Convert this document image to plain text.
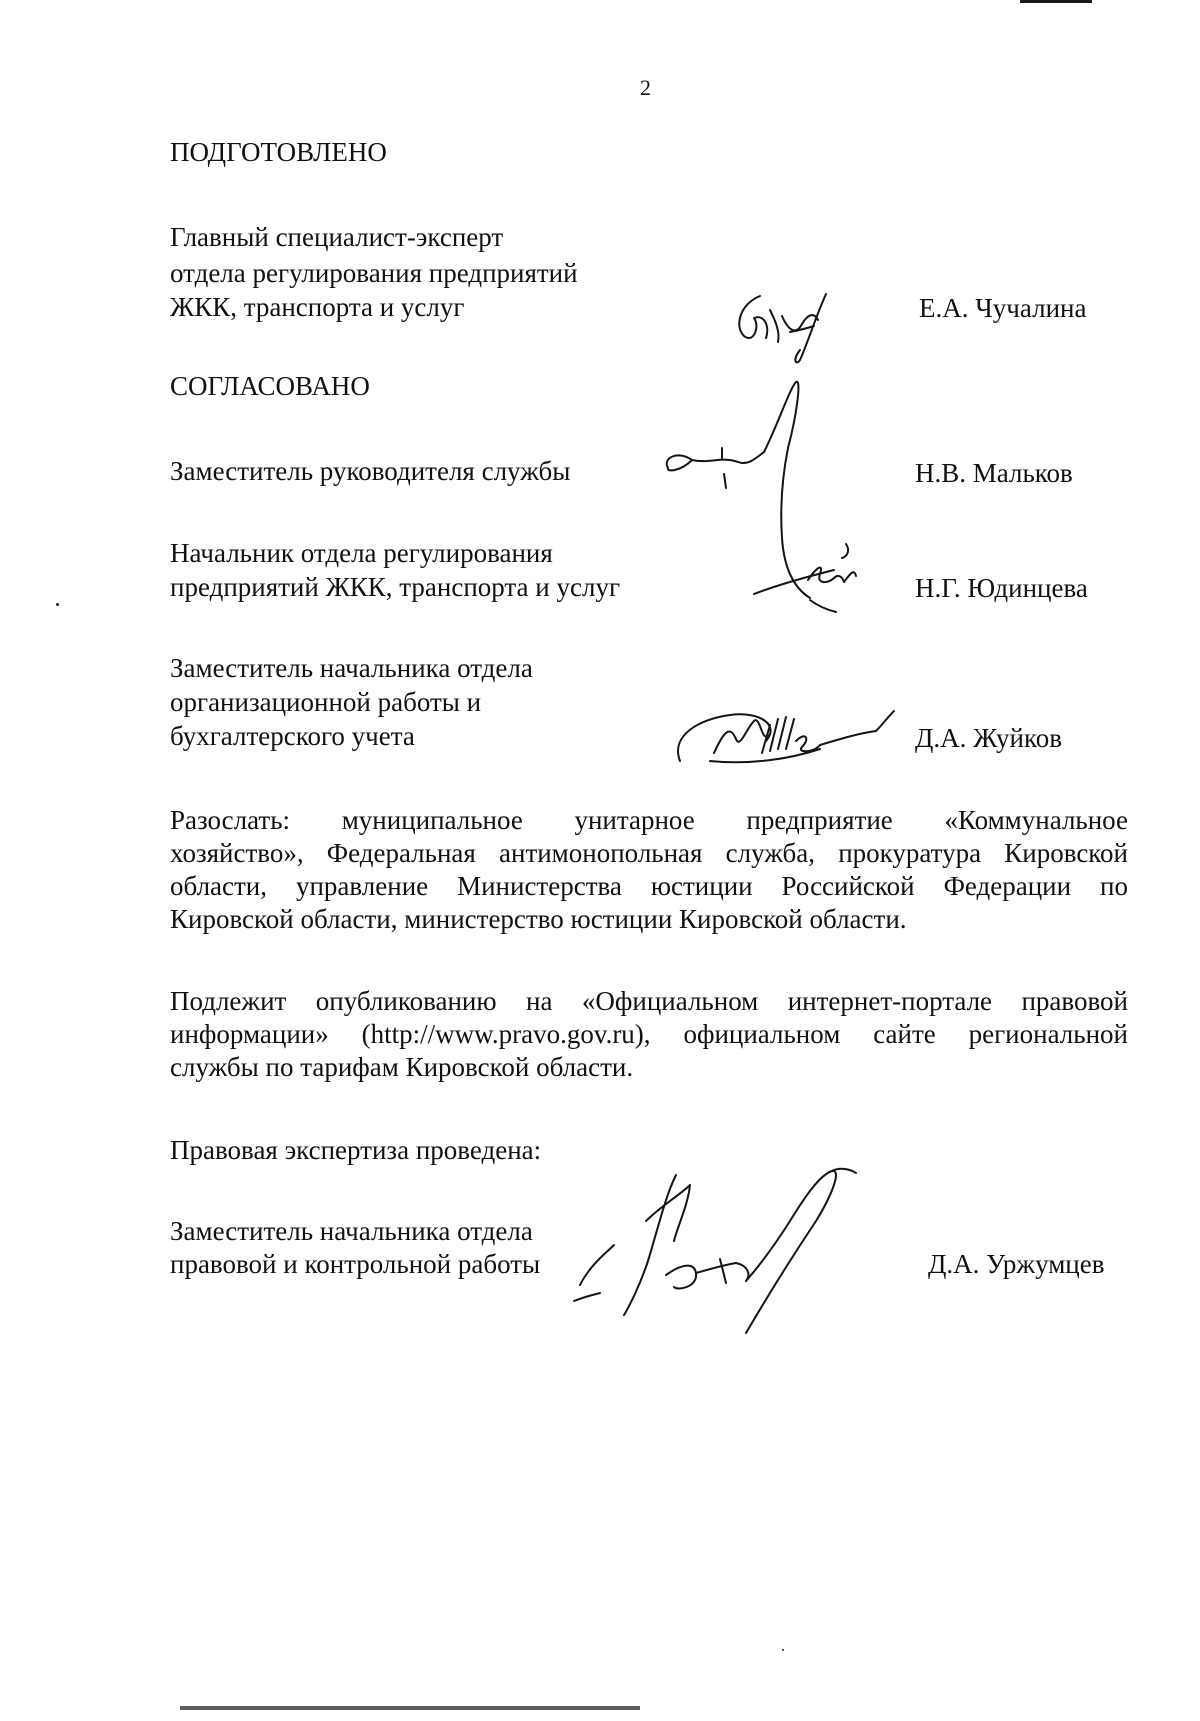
2
ПОДГОТОВЛЕНО
Главный специалист-эксперт
отдела регулирования предприятий
ЖКК, транспорта и услуг	Е.А. Чучалина
СОГЛАСОВАНО
Заместитель руководителя службы	Н.В. Мальков
Начальник отдела регулирования
предприятий ЖКК, транспорта и услуг	Н.Г. Юдинцева
Заместитель начальника отдела
организационной работы и
бухгалтерского учета	Д.А. Жуйков
Разослать: муниципальное унитарное предприятие «Коммунальное
хозяйство», Федеральная антимонопольная служба, прокуратура Кировской
области, управление Министерства юстиции Российской Федерации по
Кировской области, министерство юстиции Кировской области.
Подлежит опубликованию на «Официальном интернет-портале правовой
информации» (http://www.pravo.gov.ru), официальном сайте региональной
службы по тарифам Кировской области.
Правовая экспертиза проведена:
Заместитель начальника отдела
правовой и контрольной работы	Д.А. Уржумцев
